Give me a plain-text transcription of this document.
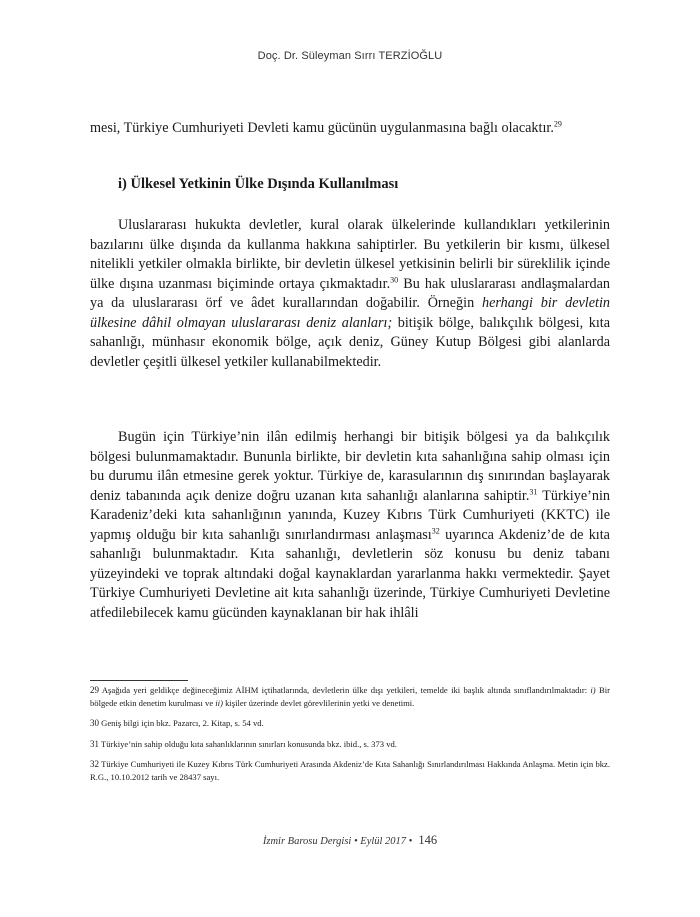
Doç. Dr. Süleyman Sırrı TERZİOĞLU

mesi, Türkiye Cumhuriyeti Devleti kamu gücünün uygulanmasına bağlı olacaktır.$^{29}$

i) Ülkesel Yetkinin Ülke Dışında Kullanılması

Uluslararası hukukta devletler, kural olarak ülkelerinde kullandıkları yetkilerinin bazılarını ülke dışında da kullanma hakkına sahiptirler. Bu yetkilerin bir kısmı, ülkesel nitelikli yetkiler olmakla birlikte, bir devletin ülkesel yetkisinin belirli bir süreklilik içinde ülke dışına uzanması biçiminde ortaya çıkmaktadır.$^{30}$ Bu hak uluslararası andlaşmalardan ya da uluslararası örf ve âdet kurallarından doğabilir. Örneğin herhangi bir devletin ülkesine dâhil olmayan uluslararası deniz alanları; bitişik bölge, balıkçılık bölgesi, kıta sahanlığı, münhasır ekonomik bölge, açık deniz, Güney Kutup Bölgesi gibi alanlarda devletler çeşitli ülkesel yetkiler kullanabilmektedir.

Bugün için Türkiye’nin ilân edilmiş herhangi bir bitişik bölgesi ya da balıkçılık bölgesi bulunmamaktadır. Bununla birlikte, bir devletin kıta sahanlığına sahip olması için bu durumu ilân etmesine gerek yoktur. Türkiye de, karasularının dış sınırından başlayarak deniz tabanında açık denize doğru uzanan kıta sahanlığı alanlarına sahiptir.$^{31}$ Türkiye’nin Karadeniz’deki kıta sahanlığının yanında, Kuzey Kıbrıs Türk Cumhuriyeti (KKTC) ile yapmış olduğu bir kıta sahanlığı sınırlandırması anlaşması$^{32}$ uyarınca Akdeniz’de de kıta sahanlığı bulunmaktadır. Kıta sahanlığı, devletlerin söz konusu bu deniz tabanı yüzeyindeki ve toprak altındaki doğal kaynaklardan yararlanma hakkı vermektedir. Şayet Türkiye Cumhuriyeti Devletine ait kıta sahanlığı üzerinde, Türkiye Cumhuriyeti Devletine atfedilebilecek kamu gücünden kaynaklanan bir hak ihlâli

29 Aşağıda yeri geldikçe değineceğimiz AİHM içtihatlarında, devletlerin ülke dışı yetkileri, temelde iki başlık altında sınıflandırılmaktadır: i) Bir bölgede etkin denetim kurulması ve ii) kişiler üzerinde devlet görevlilerinin yetki ve denetimi.

30 Geniş bilgi için bkz. Pazarcı, 2. Kitap, s. 54 vd.

31 Türkiye’nin sahip olduğu kıta sahanlıklarının sınırları konusunda bkz. ibid., s. 373 vd.

32 Türkiye Cumhuriyeti ile Kuzey Kıbrıs Türk Cumhuriyeti Arasında Akdeniz’de Kıta Sahanlığı Sınırlandırılması Hakkında Anlaşma. Metin için bkz. R.G., 10.10.2012 tarih ve 28437 sayı.

İzmir Barosu Dergisi • Eylül 2017 • 146
